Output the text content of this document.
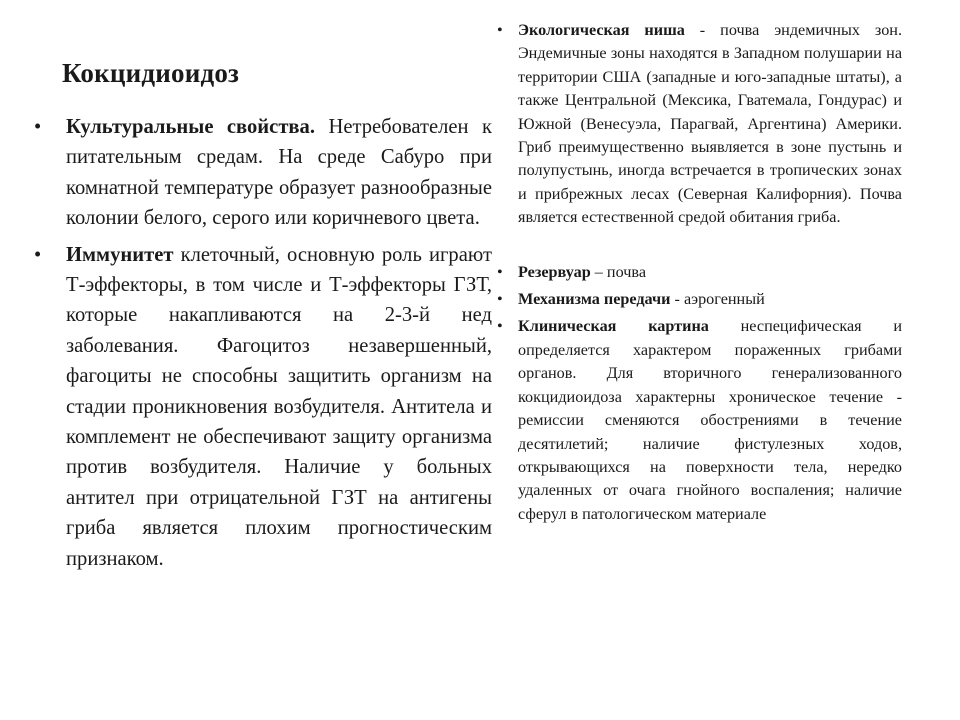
Кокцидиоидоз
• Культуральные свойства. Нетребователен к питательным средам. На среде Сабуро при комнатной температуре образует разнообразные колонии белого, серого или коричневого цвета.
• Иммунитет клеточный, основную роль играют Т-эффекторы, в том числе и Т-эффекторы ГЗТ, которые накапливаются на 2-3-й нед заболевания. Фагоцитоз незавершенный, фагоциты не способны защитить организм на стадии проникновения возбудителя. Антитела и комплемент не обеспечивают защиту организма против возбудителя. Наличие у больных антител при отрицательной ГЗТ на антигены гриба является плохим прогностическим признаком.
• Экологическая ниша - почва эндемичных зон. Эндемичные зоны находятся в Западном полушарии на территории США (западные и юго-западные штаты), а также Центральной (Мексика, Гватемала, Гондурас) и Южной (Венесуэла, Парагвай, Аргентина) Америки. Гриб преимущественно выявляется в зоне пустынь и полупустынь, иногда встречается в тропических зонах и прибрежных лесах (Северная Калифорния). Почва является естественной средой обитания гриба.
• Резервуар – почва
• Механизма передачи - аэрогенный
• Клиническая картина неспецифическая и определяется характером пораженных грибами органов. Для вторичного генерализованного кокцидиоидоза характерны хроническое течение - ремиссии сменяются обострениями в течение десятилетий; наличие фистулезных ходов, открывающихся на поверхности тела, нередко удаленных от очага гнойного воспаления; наличие сферул в патологическом материале
